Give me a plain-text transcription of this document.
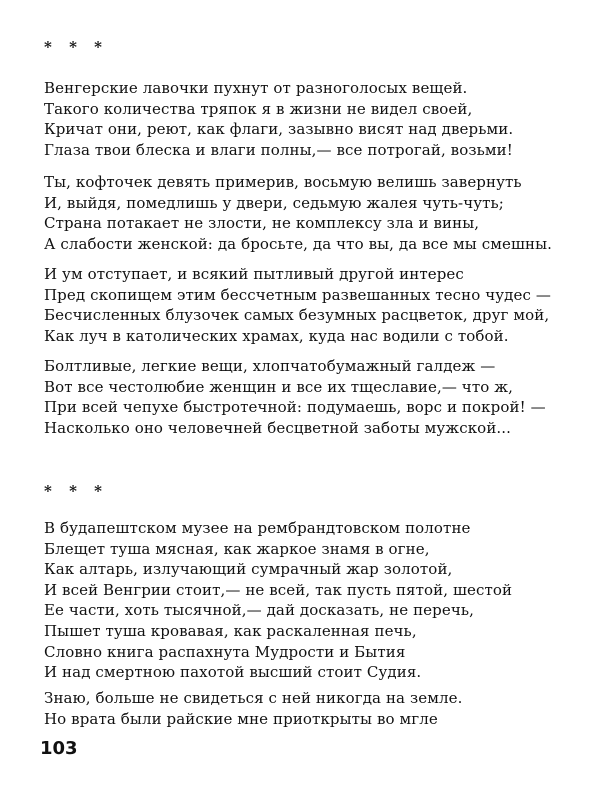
* * *
Венгерские лавочки пухнут от разноголосых вещей.
Такого количества тряпок я в жизни не видел своей,
Кричат они, реют, как флаги, зазывно висят над дверьми.
Глаза твои блеска и влаги полны,— все потрогай, возьми!
Ты, кофточек девять примерив, восьмую велишь завернуть
И, выйдя, помедлишь у двери, седьмую жалея чуть-чуть;
Страна потакает не злости, не комплексу зла и вины,
А слабости женской: да бросьте, да что вы, да все мы смешны.
И ум отступает, и всякий пытливый другой интерес
Пред скопищем этим бессчетным развешанных тесно чудес —
Бесчисленных блузочек самых безумных расцветок, друг мой,
Как луч в католических храмах, куда нас водили с тобой.
Болтливые, легкие вещи, хлопчатобумажный галдеж —
Вот все честолюбие женщин и все их тщеславие,— что ж,
При всей чепухе быстротечной: подумаешь, ворс и покрой! —
Насколько оно человечней бесцветной заботы мужской...
* * *
В будапештском музее на рембрандтовском полотне
Блещет туша мясная, как жаркое знамя в огне,
Как алтарь, излучающий сумрачный жар золотой,
И всей Венгрии стоит,— не всей, так пусть пятой, шестой
Ее части, хоть тысячной,— дай досказать, не перечь,
Пышет туша кровавая, как раскаленная печь,
Словно книга распахнута Мудрости и Бытия
И над смертною пахотой высший стоит Судия.
Знаю, больше не свидеться с ней никогда на земле.
Но врата были райские мне приоткрыты во мгле
103
